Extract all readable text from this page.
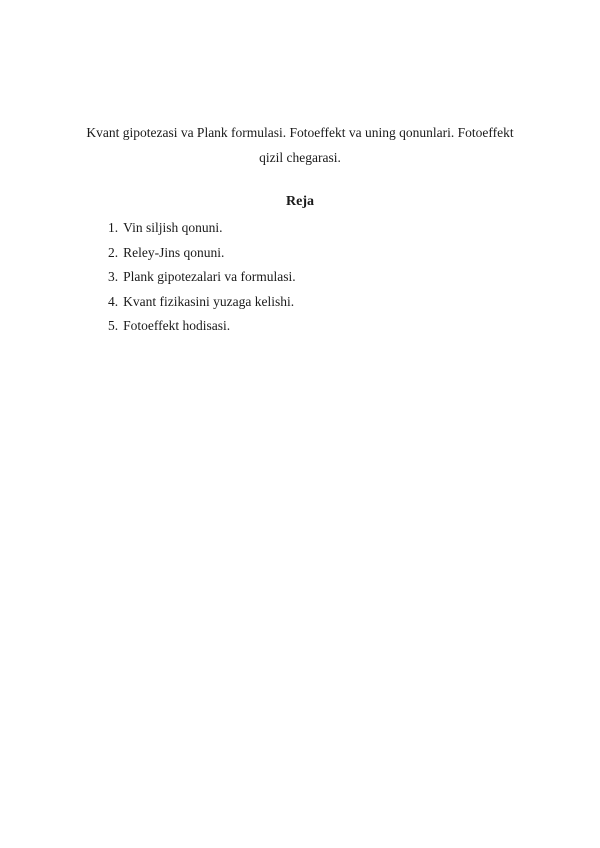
Kvant gipotezasi va Plank formulasi. Fotoeffekt va uning qonunlari. Fotoeffekt
qizil chegarasi.
Reja
1. Vin siljish qonuni.
2. Reley-Jins qonuni.
3. Plank gipotezalari va formulasi.
4. Kvant fizikasini yuzaga kelishi.
5. Fotoeffekt hodisasi.
